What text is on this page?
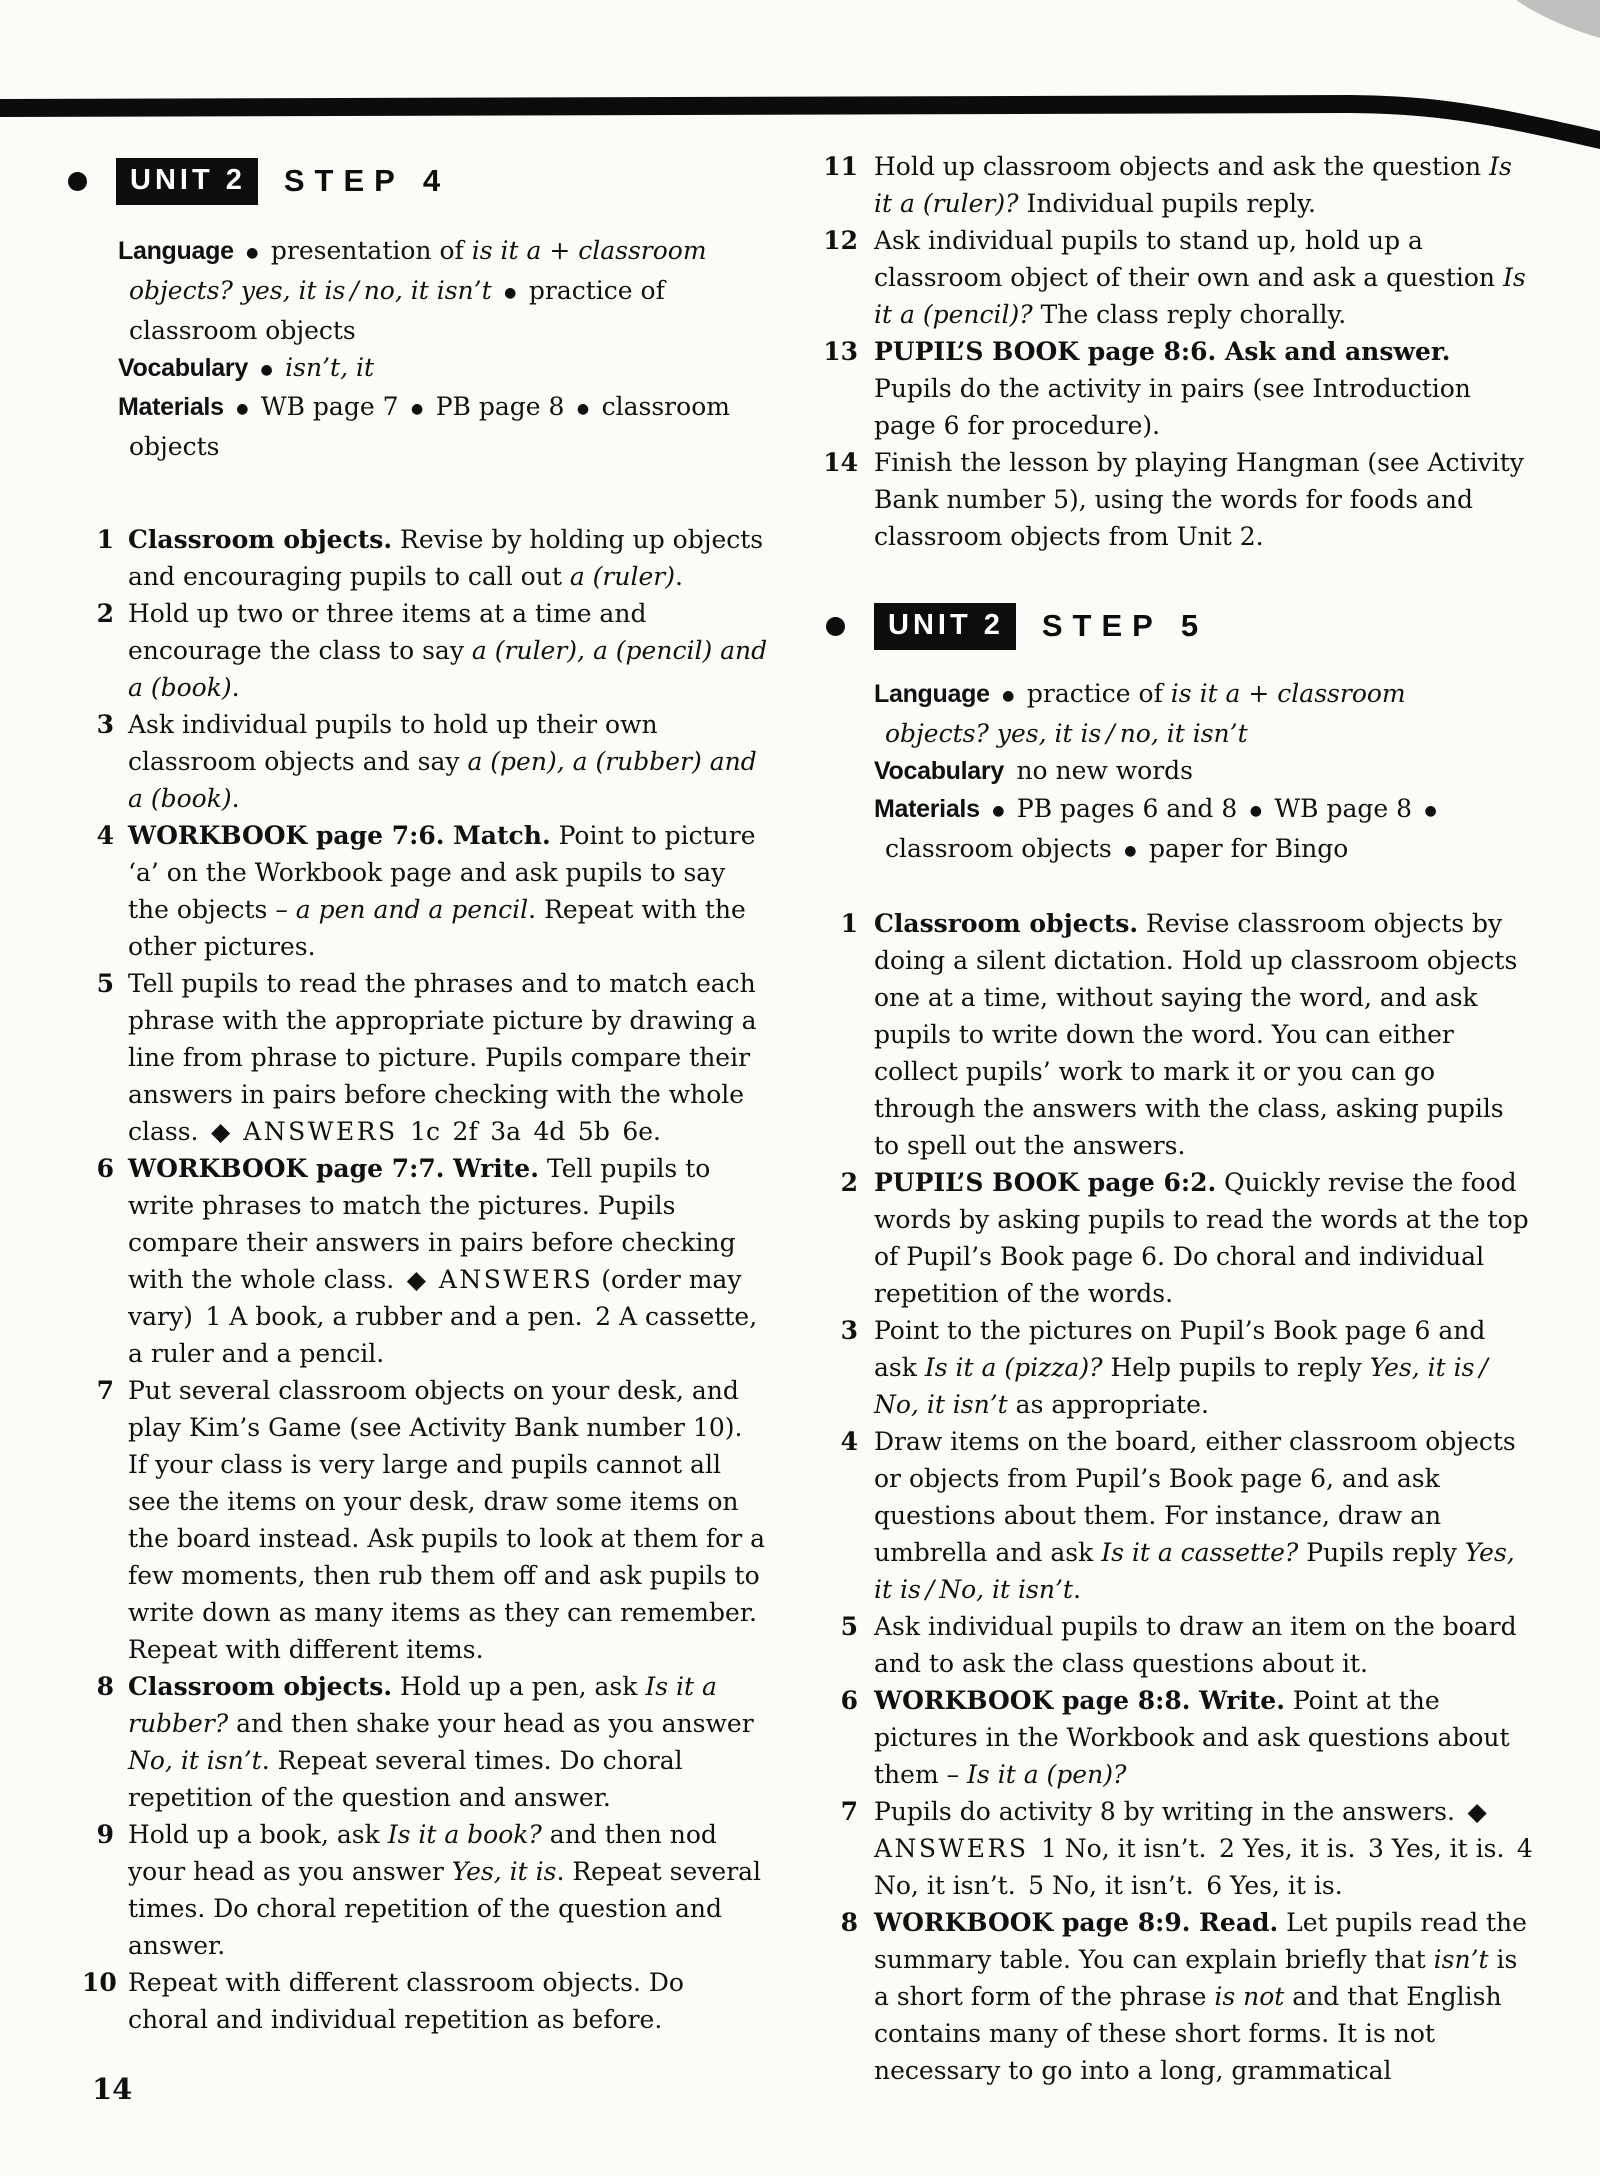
UNIT 2	STEP 4
Language  ● presentation of is it a + classroom objects? yes, it is / no, it isn’t  ● practice of classroom objects
Vocabulary  ●  isn’t, it
Materials  ● WB page 7 ● PB page 8 ● classroom objects
1 Classroom objects. Revise by holding up objects and encouraging pupils to call out a (ruler).
2 Hold up two or three items at a time and encourage the class to say a (ruler), a (pencil) and a (book).
3 Ask individual pupils to hold up their own classroom objects and say a (pen), a (rubber) and a (book).
4 WORKBOOK page 7:6. Match. Point to picture ‘a’ on the Workbook page and ask pupils to say the objects – a pen and a pencil. Repeat with the other pictures.
5 Tell pupils to read the phrases and to match each phrase with the appropriate picture by drawing a line from phrase to picture. Pupils compare their answers in pairs before checking with the whole class. ◆ ANSWERS 1c 2f 3a 4d 5b 6e.
6 WORKBOOK page 7:7. Write. Tell pupils to write phrases to match the pictures. Pupils compare their answers in pairs before checking with the whole class. ◆ ANSWERS (order may vary) 1 A book, a rubber and a pen. 2 A cassette, a ruler and a pencil.
7 Put several classroom objects on your desk, and play Kim’s Game (see Activity Bank number 10). If your class is very large and pupils cannot all see the items on your desk, draw some items on the board instead. Ask pupils to look at them for a few moments, then rub them off and ask pupils to write down as many items as they can remember. Repeat with different items.
8 Classroom objects. Hold up a pen, ask Is it a rubber? and then shake your head as you answer No, it isn’t. Repeat several times. Do choral repetition of the question and answer.
9 Hold up a book, ask Is it a book? and then nod your head as you answer Yes, it is. Repeat several times. Do choral repetition of the question and answer.
10 Repeat with different classroom objects. Do choral and individual repetition as before.
11 Hold up classroom objects and ask the question Is it a (ruler)? Individual pupils reply.
12 Ask individual pupils to stand up, hold up a classroom object of their own and ask a question Is it a (pencil)? The class reply chorally.
13 PUPIL’S BOOK page 8:6. Ask and answer. Pupils do the activity in pairs (see Introduction page 6 for procedure).
14 Finish the lesson by playing Hangman (see Activity Bank number 5), using the words for foods and classroom objects from Unit 2.
UNIT 2	STEP 5
Language  ● practice of is it a + classroom objects? yes, it is / no, it isn’t
Vocabulary  no new words
Materials  ● PB pages 6 and 8 ● WB page 8 ● classroom objects ● paper for Bingo
1 Classroom objects. Revise classroom objects by doing a silent dictation. Hold up classroom objects one at a time, without saying the word, and ask pupils to write down the word. You can either collect pupils’ work to mark it or you can go through the answers with the class, asking pupils to spell out the answers.
2 PUPIL’S BOOK page 6:2. Quickly revise the food words by asking pupils to read the words at the top of Pupil’s Book page 6. Do choral and individual repetition of the words.
3 Point to the pictures on Pupil’s Book page 6 and ask Is it a (pizza)? Help pupils to reply Yes, it is / No, it isn’t as appropriate.
4 Draw items on the board, either classroom objects or objects from Pupil’s Book page 6, and ask questions about them. For instance, draw an umbrella and ask Is it a cassette? Pupils reply Yes, it is / No, it isn’t.
5 Ask individual pupils to draw an item on the board and to ask the class questions about it.
6 WORKBOOK page 8:8. Write. Point at the pictures in the Workbook and ask questions about them – Is it a (pen)?
7 Pupils do activity 8 by writing in the answers. ◆ ANSWERS 1 No, it isn’t. 2 Yes, it is. 3 Yes, it is. 4 No, it isn’t. 5 No, it isn’t. 6 Yes, it is.
8 WORKBOOK page 8:9. Read. Let pupils read the summary table. You can explain briefly that isn’t is a short form of the phrase is not and that English contains many of these short forms. It is not necessary to go into a long, grammatical
14
